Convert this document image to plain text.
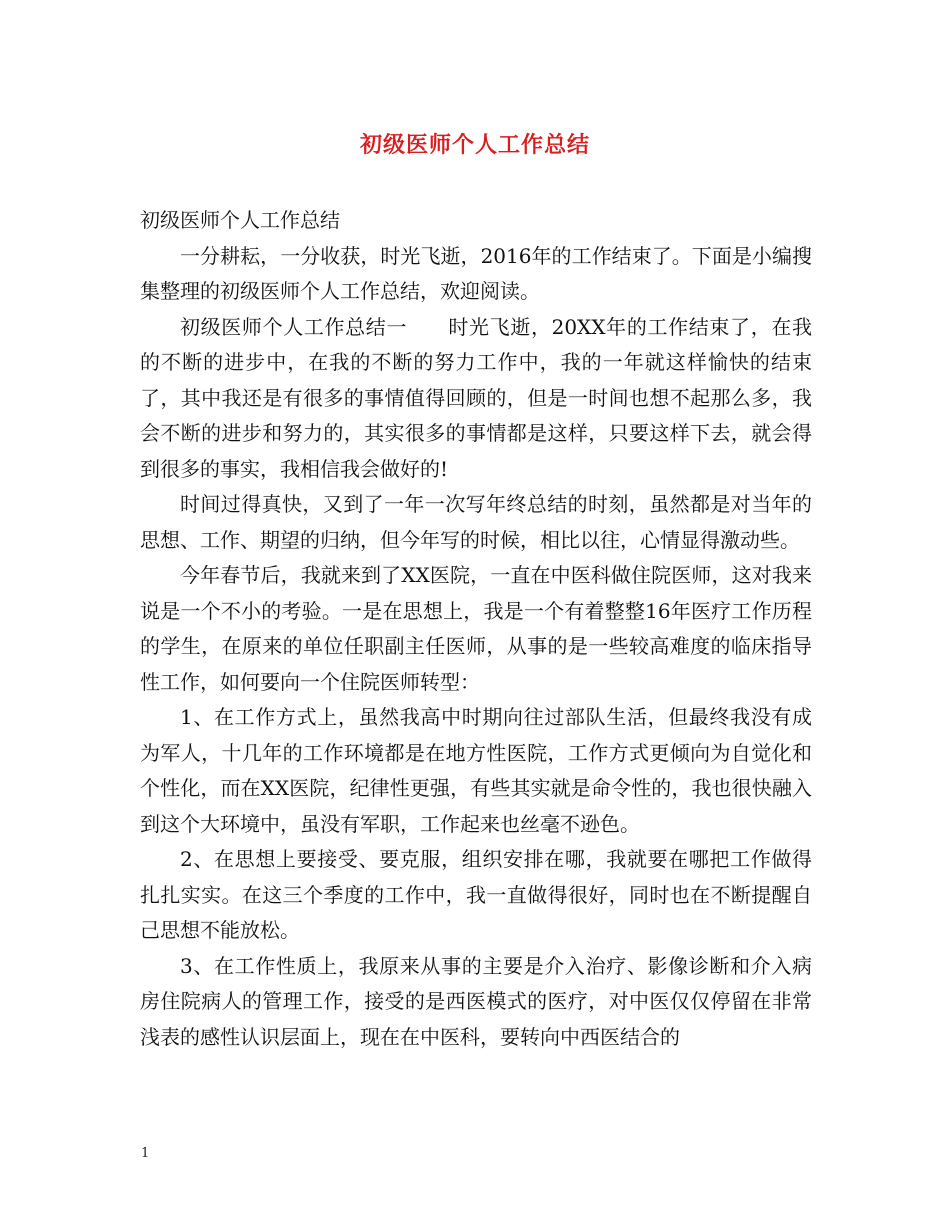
初级医师个人工作总结

初级医师个人工作总结

一分耕耘，一分收获，时光飞逝，2016年的工作结束了。下面是小编搜集整理的初级医师个人工作总结，欢迎阅读。

初级医师个人工作总结一　　时光飞逝，20XX年的工作结束了，在我的不断的进步中，在我的不断的努力工作中，我的一年就这样愉快的结束了，其中我还是有很多的事情值得回顾的，但是一时间也想不起那么多，我会不断的进步和努力的，其实很多的事情都是这样，只要这样下去，就会得到很多的事实，我相信我会做好的!

时间过得真快，又到了一年一次写年终总结的时刻，虽然都是对当年的思想、工作、期望的归纳，但今年写的时候，相比以往，心情显得激动些。

今年春节后，我就来到了XX医院，一直在中医科做住院医师，这对我来说是一个不小的考验。一是在思想上，我是一个有着整整16年医疗工作历程的学生，在原来的单位任职副主任医师，从事的是一些较高难度的临床指导性工作，如何要向一个住院医师转型：

1、在工作方式上，虽然我高中时期向往过部队生活，但最终我没有成为军人，十几年的工作环境都是在地方性医院，工作方式更倾向为自觉化和个性化，而在XX医院，纪律性更强，有些其实就是命令性的，我也很快融入到这个大环境中，虽没有军职，工作起来也丝毫不逊色。

2、在思想上要接受、要克服，组织安排在哪，我就要在哪把工作做得扎扎实实。在这三个季度的工作中，我一直做得很好，同时也在不断提醒自己思想不能放松。

3、在工作性质上，我原来从事的主要是介入治疗、影像诊断和介入病房住院病人的管理工作，接受的是西医模式的医疗，对中医仅仅停留在非常浅表的感性认识层面上，现在在中医科，要转向中西医结合的

1
